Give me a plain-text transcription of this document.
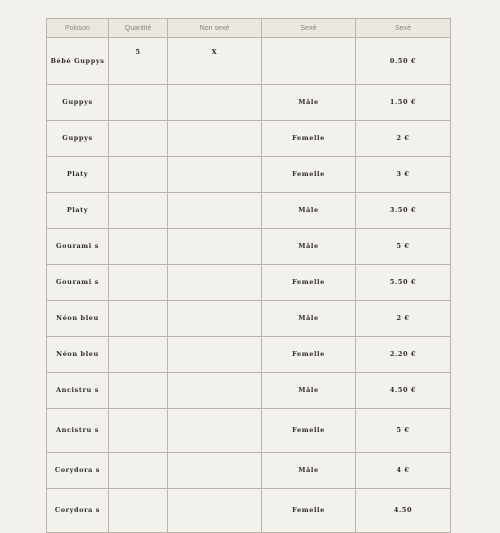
Poisson	Quantité	Non sexé	Sexé	Sexé
Bébé Guppys	5	X		0.50 €
Guppys			Mâle	1.50 €
Guppys			Femelle	2 €
Platy			Femelle	3 €
Platy			Mâle	3.50 €
Gourami s			Mâle	5 €
Gourami s			Femelle	5.50 €
Néon bleu			Mâle	2 €
Néon bleu			Femelle	2.20 €
Ancistru s			Mâle	4.50 €
Ancistru s			Femelle	5 €
Corydora s			Mâle	4 €
Corydora s			Femelle	4.50
